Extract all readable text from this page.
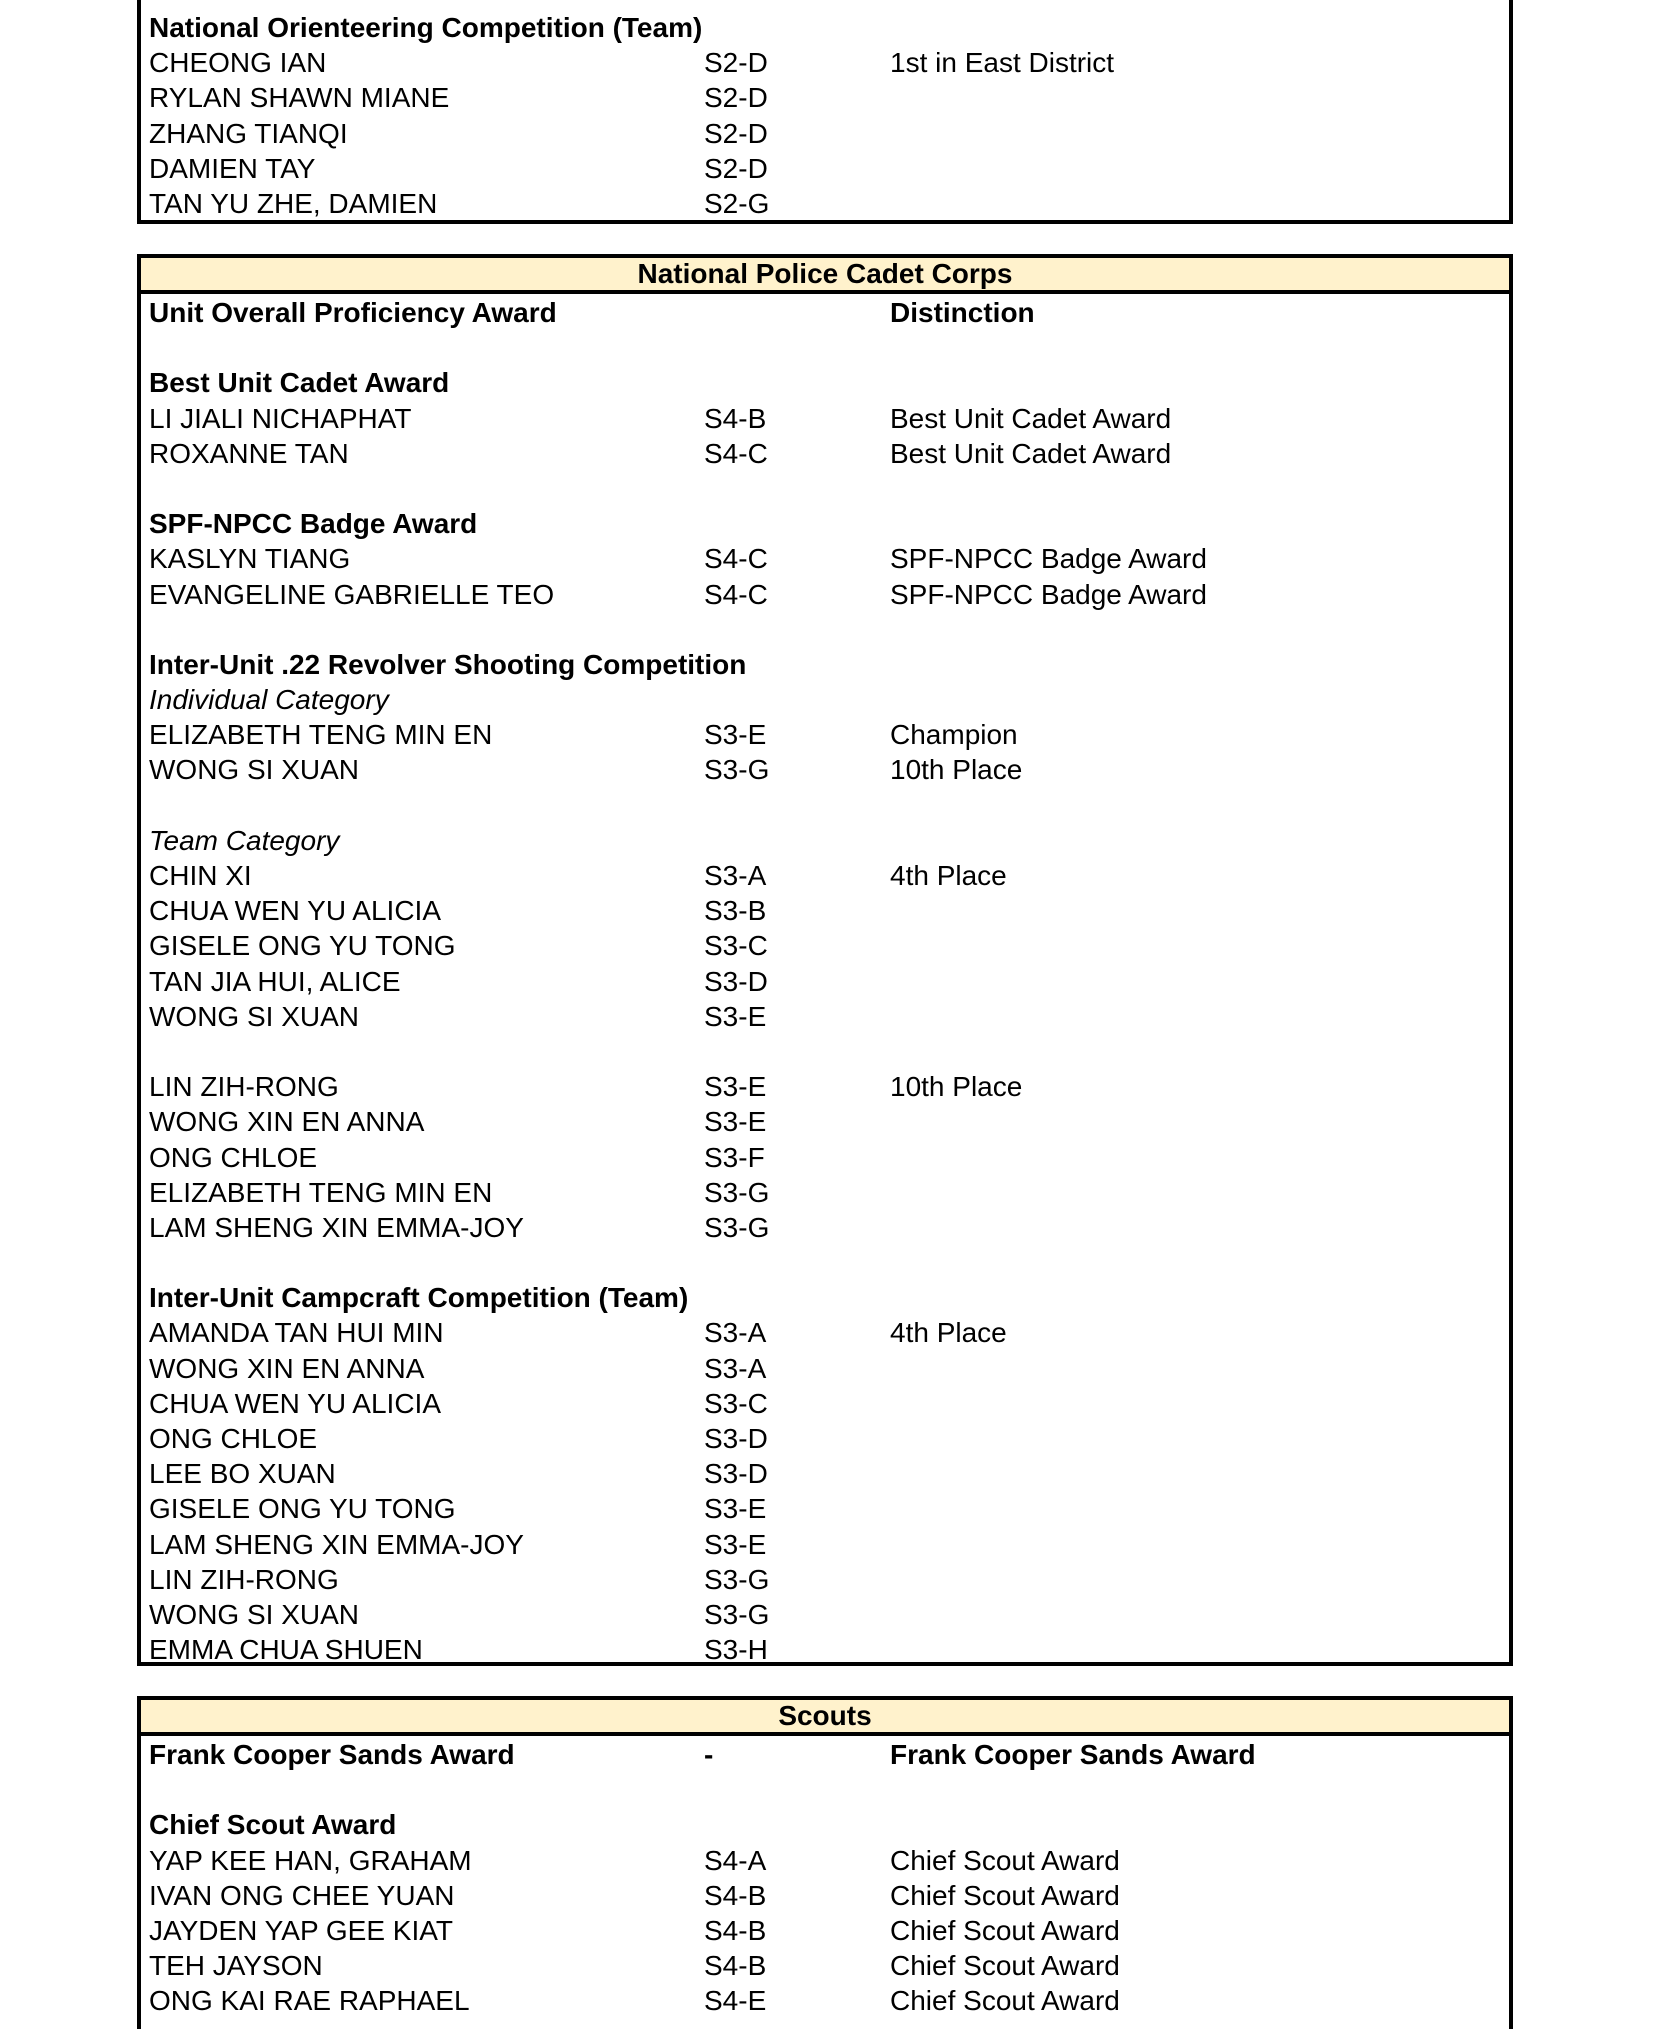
National Orienteering Competition (Team)
CHEONG IAN	S2-D	1st in East District
RYLAN SHAWN MIANE	S2-D
ZHANG TIANQI	S2-D
DAMIEN TAY	S2-D
TAN YU ZHE, DAMIEN	S2-G
National Police Cadet Corps
Unit Overall Proficiency Award	Distinction
Best Unit Cadet Award
LI JIALI NICHAPHAT	S4-B	Best Unit Cadet Award
ROXANNE TAN	S4-C	Best Unit Cadet Award
SPF-NPCC Badge Award
KASLYN TIANG	S4-C	SPF-NPCC Badge Award
EVANGELINE GABRIELLE TEO	S4-C	SPF-NPCC Badge Award
Inter-Unit .22 Revolver Shooting Competition
Individual Category
ELIZABETH TENG MIN EN	S3-E	Champion
WONG SI XUAN	S3-G	10th Place
Team Category
CHIN XI	S3-A	4th Place
CHUA WEN YU ALICIA	S3-B
GISELE ONG YU TONG	S3-C
TAN JIA HUI, ALICE	S3-D
WONG SI XUAN	S3-E
LIN ZIH-RONG	S3-E	10th Place
WONG XIN EN ANNA	S3-E
ONG CHLOE	S3-F
ELIZABETH TENG MIN EN	S3-G
LAM SHENG XIN EMMA-JOY	S3-G
Inter-Unit Campcraft Competition (Team)
AMANDA TAN HUI MIN	S3-A	4th Place
WONG XIN EN ANNA	S3-A
CHUA WEN YU ALICIA	S3-C
ONG CHLOE	S3-D
LEE BO XUAN	S3-D
GISELE ONG YU TONG	S3-E
LAM SHENG XIN EMMA-JOY	S3-E
LIN ZIH-RONG	S3-G
WONG SI XUAN	S3-G
EMMA CHUA SHUEN	S3-H
Scouts
Frank Cooper Sands Award	-	Frank Cooper Sands Award
Chief Scout Award
YAP KEE HAN, GRAHAM	S4-A	Chief Scout Award
IVAN ONG CHEE YUAN	S4-B	Chief Scout Award
JAYDEN YAP GEE KIAT	S4-B	Chief Scout Award
TEH JAYSON	S4-B	Chief Scout Award
ONG KAI RAE RAPHAEL	S4-E	Chief Scout Award
